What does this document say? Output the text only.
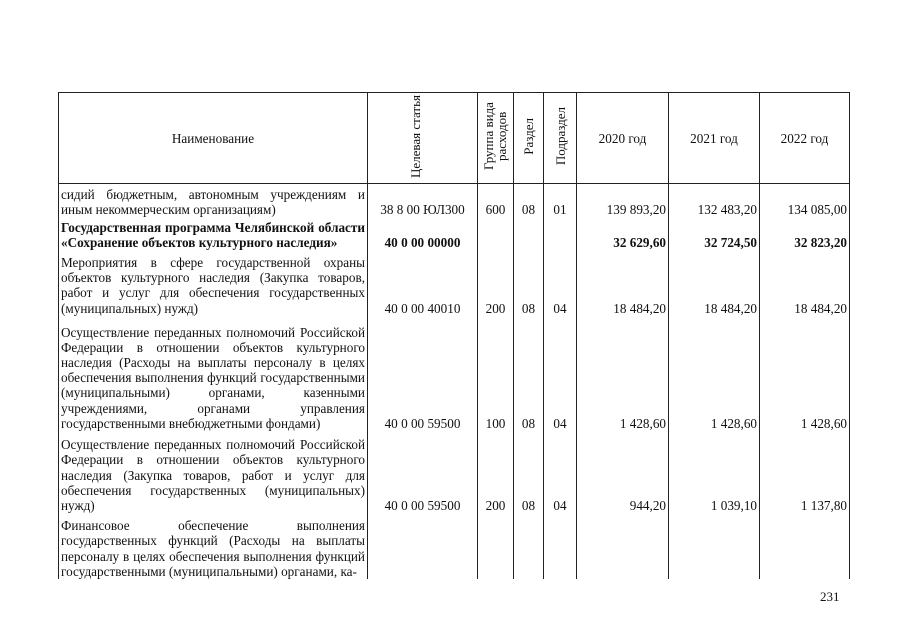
Наименование	Целевая статья	Группа вида расходов	Раздел	Подраздел	2020 год	2021 год	2022 год
сидий бюджетным, автономным учреждениям и иным некоммерческим организациям)	38 8 00 ЮЛ300	600	08	01	139 893,20	132 483,20	134 085,00
Государственная программа Челябинской области «Сохранение объектов культурного наследия»	40 0 00 00000				32 629,60	32 724,50	32 823,20
Мероприятия в сфере государственной охраны объектов культурного наследия (Закупка товаров, работ и услуг для обеспечения государственных (муниципальных) нужд)	40 0 00 40010	200	08	04	18 484,20	18 484,20	18 484,20
Осуществление переданных полномочий Российской Федерации в отношении объектов культурного наследия (Расходы на выплаты персоналу в целях обеспечения выполнения функций государственными (муниципальными) органами, казенными учреждениями, органами управления государственными внебюджетными фондами)	40 0 00 59500	100	08	04	1 428,60	1 428,60	1 428,60
Осуществление переданных полномочий Российской Федерации в отношении объектов культурного наследия (Закупка товаров, работ и услуг для обеспечения государственных (муниципальных) нужд)	40 0 00 59500	200	08	04	944,20	1 039,10	1 137,80
Финансовое обеспечение выполнения государственных функций (Расходы на выплаты персоналу в целях обеспечения выполнения функций государственными (муниципальными) органами, ка-							
231
